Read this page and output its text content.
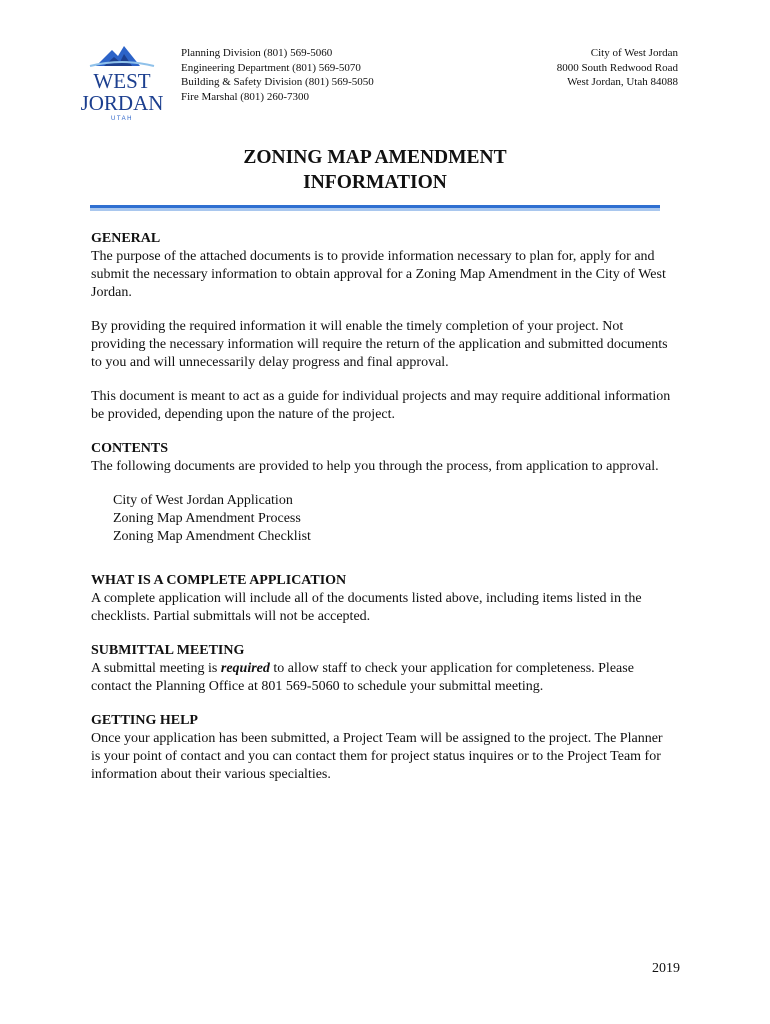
WEST
JORDAN
UTAH
Planning Division (801) 569-5060
Engineering Department (801) 569-5070
Building & Safety Division (801) 569-5050
Fire Marshal (801) 260-7300
City of West Jordan
8000 South Redwood Road
West Jordan, Utah 84088
ZONING MAP AMENDMENT
INFORMATION

GENERAL

The purpose of the attached documents is to provide information necessary to plan for, apply for and submit the necessary information to obtain approval for a Zoning Map Amendment in the City of West Jordan.

By providing the required information it will enable the timely completion of your project. Not providing the necessary information will require the return of the application and submitted documents to you and will unnecessarily delay progress and final approval.

This document is meant to act as a guide for individual projects and may require additional information be provided, depending upon the nature of the project.

CONTENTS

The following documents are provided to help you through the process, from application to approval.

City of West Jordan Application
Zoning Map Amendment Process
Zoning Map Amendment Checklist

WHAT IS A COMPLETE APPLICATION

A complete application will include all of the documents listed above, including items listed in the checklists. Partial submittals will not be accepted.

SUBMITTAL MEETING

A submittal meeting is required to allow staff to check your application for completeness. Please contact the Planning Office at 801 569-5060 to schedule your submittal meeting.

GETTING HELP

Once your application has been submitted, a Project Team will be assigned to the project. The Planner is your point of contact and you can contact them for project status inquires or to the Project Team for information about their various specialties.

2019
